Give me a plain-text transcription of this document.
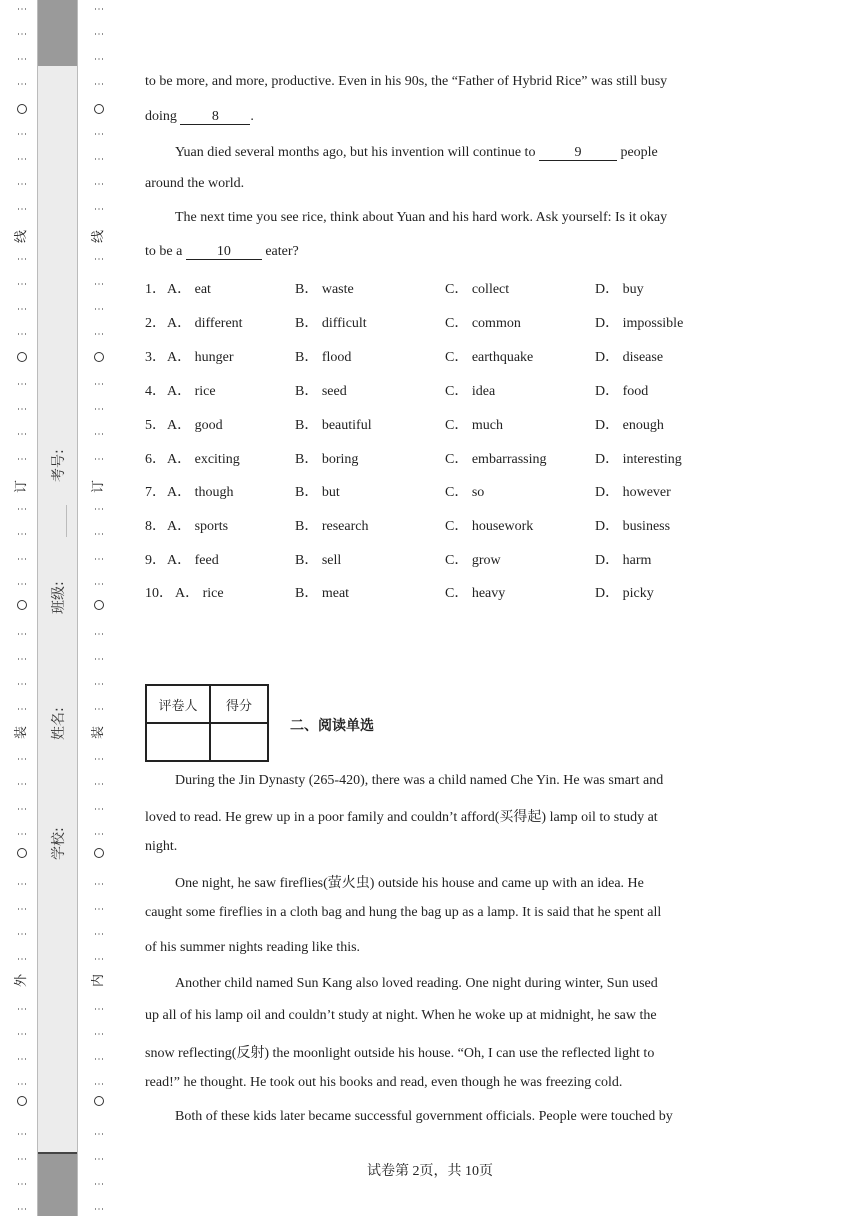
⋮
⋮
⋮
⋮
⋮
⋮
⋮
⋮
⋮
⋮
⋮
⋮
⋮
⋮
⋮
⋮
⋮
⋮
⋮
⋮
⋮
⋮
⋮
⋮
⋮
⋮
⋮
⋮
⋮
⋮
⋮
⋮
⋮
⋮
⋮
⋮
⋮
⋮
⋮
⋮
线
订
装
外
考号:
班级:
姓名:
学校:
⋮
⋮
⋮
⋮
⋮
⋮
⋮
⋮
⋮
⋮
⋮
⋮
⋮
⋮
⋮
⋮
⋮
⋮
⋮
⋮
⋮
⋮
⋮
⋮
⋮
⋮
⋮
⋮
⋮
⋮
⋮
⋮
⋮
⋮
⋮
⋮
⋮
⋮
⋮
⋮
线
订
装
内
to be more, and more, productive. Even in his 90s, the “Father of Hybrid Rice” was still busy
doing 8 .
Yuan died several months ago, but his invention will continue to	9	people
around the world.
The next time you see rice, think about Yuan and his hard work. Ask yourself: Is it okay
to be a 10 eater?
1． A． eat	B． waste	C． collect	D． buy
2． A． different	B． difficult	C． common	D． impossible
3． A． hunger	B． flood	C． earthquake	D． disease
4． A． rice	B． seed	C． idea	D． food
5． A． good	B． beautiful	C． much	D． enough
6． A． exciting	B． boring	C． embarrassing	D． interesting
7． A． though	B． but	C． so	D． however
8． A． sports	B． research	C． housework	D． business
9． A． feed	B． sell	C． grow	D． harm
10． A． rice	B． meat	C． heavy	D． picky
评卷人	得分

二、阅读单选
During the Jin Dynasty (265-420), there was a child named Che Yin. He was smart and
loved to read. He grew up in a poor family and couldn’t afford(买得起) lamp oil to study at
night.
One night, he saw fireflies(萤火虫) outside his house and came up with an idea. He
caught some fireflies in a cloth bag and hung the bag up as a lamp. It is said that he spent all
of his summer nights reading like this.
Another child named Sun Kang also loved reading. One night during winter, Sun used
up all of his lamp oil and couldn’t study at night. When he woke up at midnight, he saw the
snow reflecting(反射) the moonlight outside his house. “Oh, I can use the reflected light to
read!” he thought. He took out his books and read, even though he was freezing cold.
Both of these kids later became successful government officials. People were touched by
试卷第 2页，共 10页
